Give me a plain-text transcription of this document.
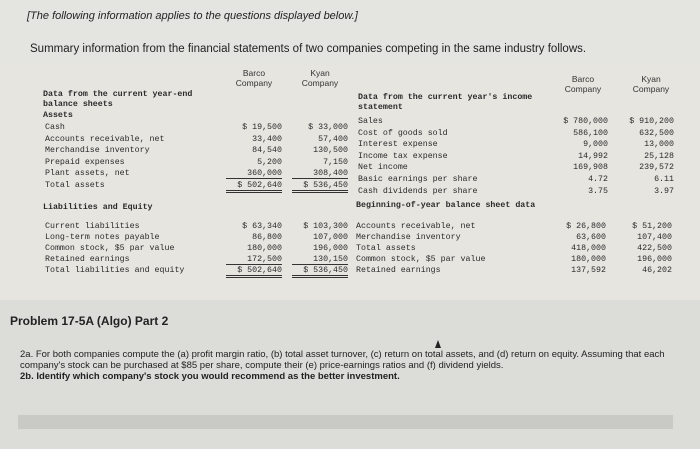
[The following information applies to the questions displayed below.]
Summary information from the financial statements of two companies competing in the same industry follows.
Barco Company
Kyan Company
Data from the current year-end balance sheets
Assets
Cash	$ 19,500	$ 33,000
Accounts receivable, net	33,400	57,400
Merchandise inventory	84,540	130,500
Prepaid expenses	5,200	7,150
Plant assets, net	360,000	308,400
Total assets	$ 502,640	$ 536,450
Liabilities and Equity
Current liabilities	$ 63,340	$ 103,300
Long-term notes payable	86,800	107,000
Common stock, $5 par value	180,000	196,000
Retained earnings	172,500	130,150
Total liabilities and equity	$ 502,640	$ 536,450
Barco Company
Kyan Company
Data from the current year's income statement
Sales	$ 780,000	$ 910,200
Cost of goods sold	586,100	632,500
Interest expense	9,000	13,000
Income tax expense	14,992	25,128
Net income	169,908	239,572
Basic earnings per share	4.72	6.11
Cash dividends per share	3.75	3.97
Beginning-of-year balance sheet data
Accounts receivable, net	$ 26,800	$ 51,200
Merchandise inventory	63,600	107,400
Total assets	418,000	422,500
Common stock, $5 par value	180,000	196,000
Retained earnings	137,592	46,202
Problem 17-5A (Algo) Part 2
2a. For both companies compute the (a) profit margin ratio, (b) total asset turnover, (c) return on total assets, and (d) return on equity. Assuming that each company's stock can be purchased at $85 per share, compute their (e) price-earnings ratios and (f) dividend yields.
2b. Identify which company's stock you would recommend as the better investment.
